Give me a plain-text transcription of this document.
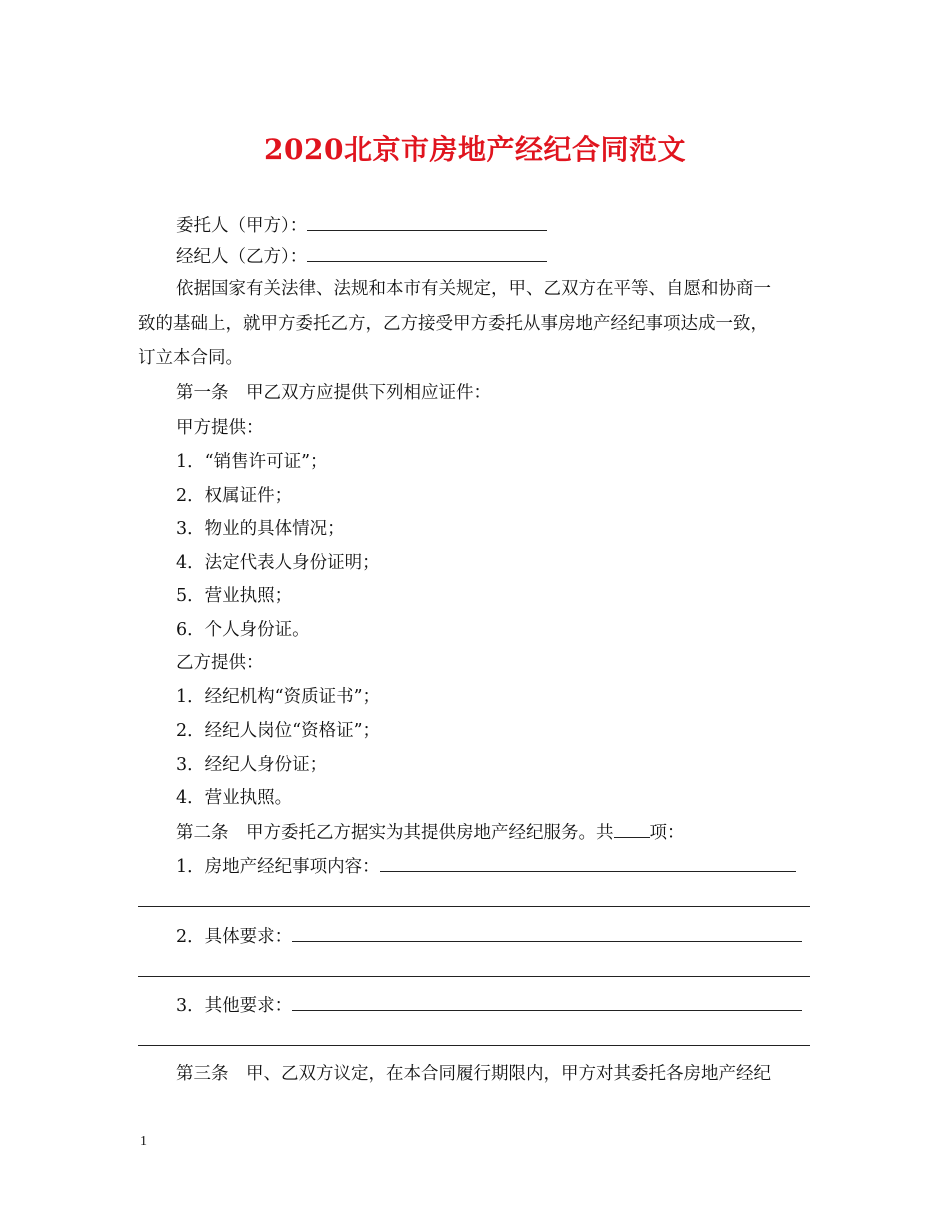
2020北京市房地产经纪合同范文
委托人（甲方）：
经纪人（乙方）：
依据国家有关法律、法规和本市有关规定，甲、乙双方在平等、自愿和协商一
致的基础上，就甲方委托乙方，乙方接受甲方委托从事房地产经纪事项达成一致，
订立本合同。
第一条　甲乙双方应提供下列相应证件：
甲方提供：
1．“销售许可证”；
2．权属证件；
3．物业的具体情况；
4．法定代表人身份证明；
5．营业执照；
6．个人身份证。
乙方提供：
1．经纪机构“资质证书”；
2．经纪人岗位“资格证”；
3．经纪人身份证；
4．营业执照。
第二条　甲方委托乙方据实为其提供房地产经纪服务。共 项：
1．房地产经纪事项内容：
2．具体要求：
3．其他要求：
第三条　甲、乙双方议定，在本合同履行期限内，甲方对其委托各房地产经纪
1
